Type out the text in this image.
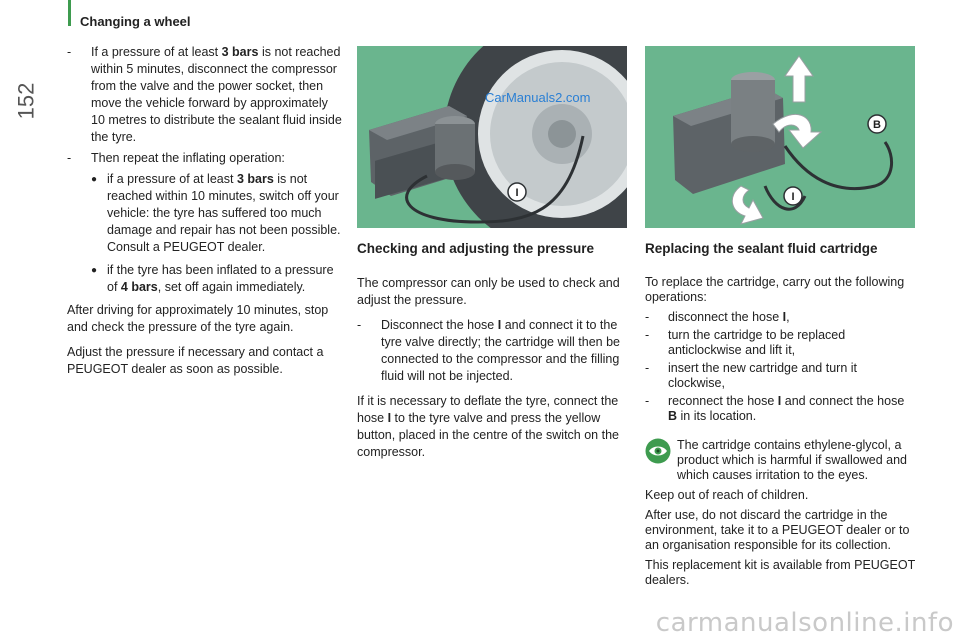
Changing a wheel
152
- If a pressure of at least 3 bars is not reached within 5 minutes, disconnect the compressor from the valve and the power socket, then move the vehicle forward by approximately 10 metres to distribute the sealant fluid inside the tyre.
- Then repeat the inflating operation:
● if a pressure of at least 3 bars is not reached within 10 minutes, switch off your vehicle: the tyre has suffered too much damage and repair has not been possible. Consult a PEUGEOT dealer.
● if the tyre has been inflated to a pressure of 4 bars, set off again immediately.

After driving for approximately 10 minutes, stop and check the pressure of the tyre again.

Adjust the pressure if necessary and contact a PEUGEOT dealer as soon as possible.

I
CarManuals2.com
B
I
Checking and adjusting the pressure

The compressor can only be used to check and adjust the pressure.

- Disconnect the hose I and connect it to the tyre valve directly; the cartridge will then be connected to the compressor and the filling fluid will not be injected.

If it is necessary to deflate the tyre, connect the hose I to the tyre valve and press the yellow button, placed in the centre of the switch on the compressor.

Replacing the sealant fluid cartridge

To replace the cartridge, carry out the following operations:

- disconnect the hose I,
- turn the cartridge to be replaced anticlockwise and lift it,
- insert the new cartridge and turn it clockwise,
- reconnect the hose I and connect the hose B in its location.
The cartridge contains ethylene-glycol, a product which is harmful if swallowed and which causes irritation to the eyes.

Keep out of reach of children.

After use, do not discard the cartridge in the environment, take it to a PEUGEOT dealer or to an organisation responsible for its collection.

This replacement kit is available from PEUGEOT dealers.

carmanualsonline.info
